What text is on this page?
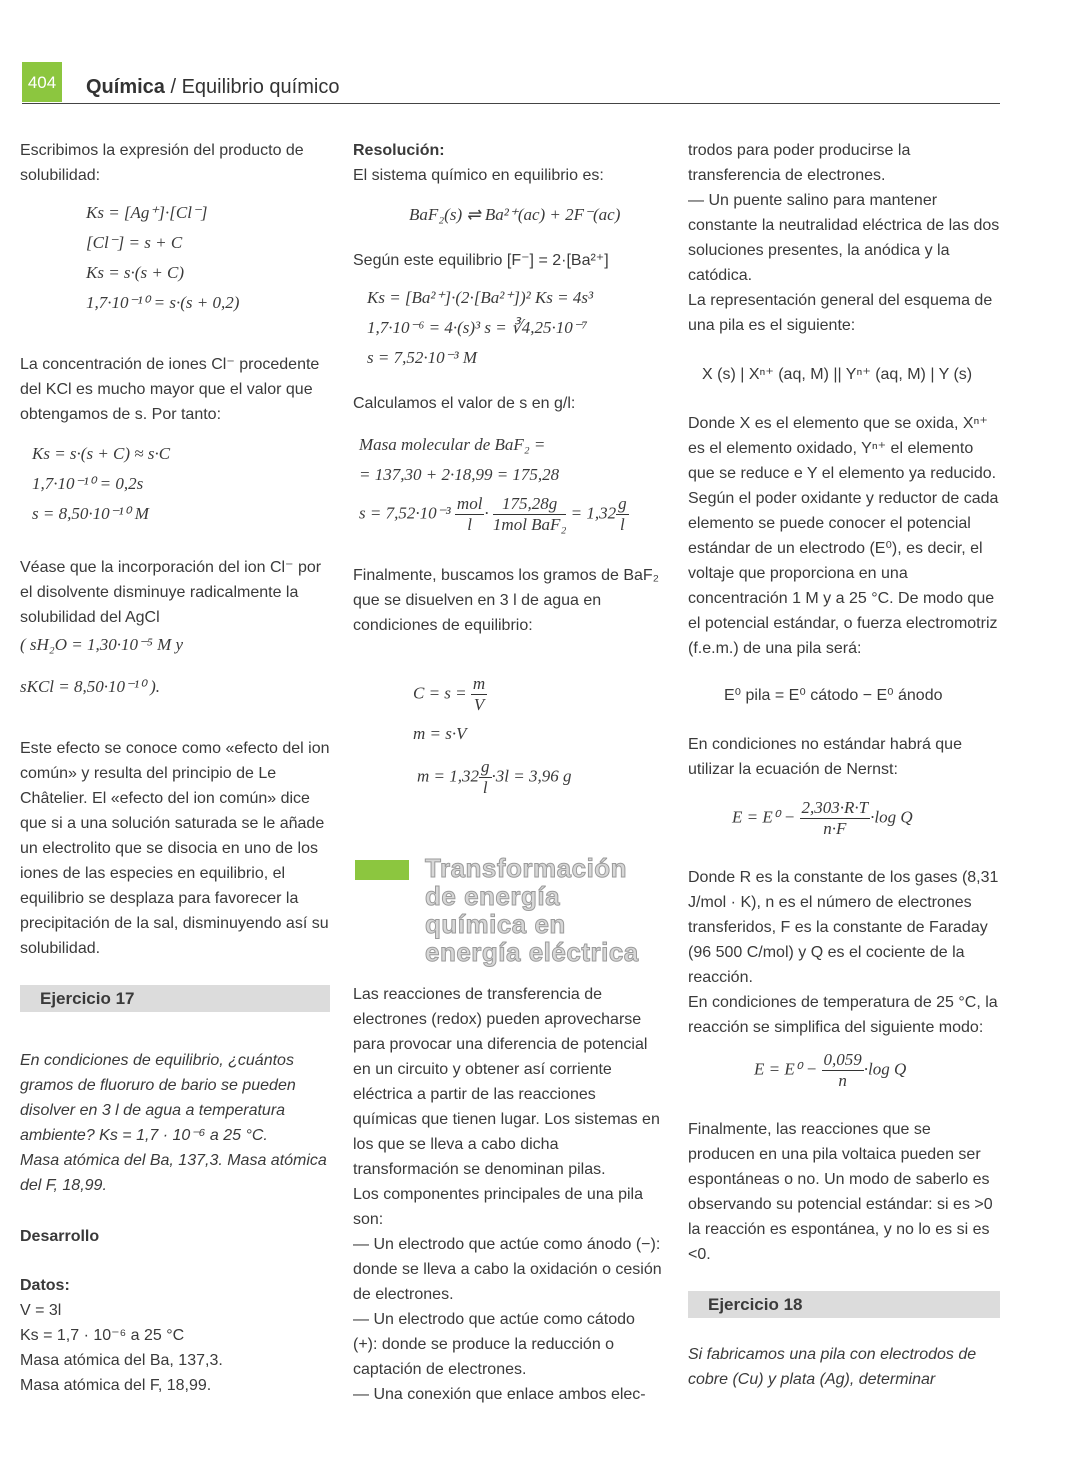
404 Química / Equilibrio químico

Escribimos la expresión del producto de solubilidad:

Ks = [Ag⁺]·[Cl⁻]
[Cl⁻] = s + C
Ks = s·(s + C)
1,7·10⁻¹⁰ = s·(s + 0,2)

La concentración de iones Cl⁻ procedente del KCl es mucho mayor que el valor que obtengamos de s. Por tanto:

Ks = s·(s + C) ≈ s·C
1,7·10⁻¹⁰ = 0,2s
s = 8,50·10⁻¹⁰ M

Véase que la incorporación del ion Cl⁻ por el disolvente disminuye radicalmente la solubilidad del AgCl

( sH₂O = 1,30·10⁻⁵ M y
sKCl = 8,50·10⁻¹⁰ ).

Este efecto se conoce como «efecto del ion común» y resulta del principio de Le Châtelier. El «efecto del ion común» dice que si a una solución saturada se le añade un electrolito que se disocia en uno de los iones de las especies en equilibrio, el equilibrio se desplaza para favorecer la precipitación de la sal, disminuyendo así su solubilidad.

Ejercicio 17

En condiciones de equilibrio, ¿cuántos gramos de fluoruro de bario se pueden disolver en 3 l de agua a temperatura ambiente? Ks = 1,7 · 10⁻⁶ a 25 °C.

Masa atómica del Ba, 137,3. Masa atómica del F, 18,99.

Desarrollo

Datos:

V = 3l

Ks = 1,7 · 10⁻⁶ a 25 °C

Masa atómica del Ba, 137,3.

Masa atómica del F, 18,99.

Resolución:

El sistema químico en equilibrio es:

BaF₂(s) ⇌ Ba²⁺(ac) + 2F⁻(ac)

Según este equilibrio [F⁻] = 2·[Ba²⁺]

Ks = [Ba²⁺]·(2·[Ba²⁺])² Ks = 4s³
1,7·10⁻⁶ = 4·(s)³ s = ∛4,25·10⁻⁷
s = 7,52·10⁻³ M

Calculamos el valor de s en g/l:

Masa molecular de BaF₂ =
= 137,30 + 2·18,99 = 175,28
$s = 7,52\cdot 10^{-3} \frac{\text{mol}}{l} \cdot \frac{175,28g}{\text{1mol BaF₂}} = 1,32 \frac{g}{l}$

Finalmente, buscamos los gramos de BaF₂ que se disuelven en 3 l de agua en condiciones de equilibrio:

$C = s = \frac{m}{V}$
m = s·V
$m = 1,32 \frac{g}{l} \cdot 3l = 3,96$ g
Transformación de energía química en energía eléctrica

Las reacciones de transferencia de electrones (redox) pueden aprovecharse para provocar una diferencia de potencial en un circuito y obtener así corriente eléctrica a partir de las reacciones químicas que tienen lugar. Los sistemas en los que se lleva a cabo dicha transformación se denominan pilas.

Los componentes principales de una pila son:

— Un electrodo que actúe como ánodo (−): donde se lleva a cabo la oxidación o cesión de electrones.

— Un electrodo que actúe como cátodo (+): donde se produce la reducción o captación de electrones.

— Una conexión que enlace ambos elec-

trodos para poder producirse la transferencia de electrones.

— Un puente salino para mantener constante la neutralidad eléctrica de las dos soluciones presentes, la anódica y la catódica.

La representación general del esquema de una pila es el siguiente:

X (s) | Xⁿ⁺ (aq, M) || Yⁿ⁺ (aq, M) | Y (s)

Donde X es el elemento que se oxida, Xⁿ⁺ es el elemento oxidado, Yⁿ⁺ el elemento que se reduce e Y el elemento ya reducido. Según el poder oxidante y reductor de cada elemento se puede conocer el potencial estándar de un electrodo (E⁰), es decir, el voltaje que proporciona en una concentración 1 M y a 25 °C. De modo que el potencial estándar, o fuerza electromotriz (f.e.m.) de una pila será:

E⁰ pila = E⁰ cátodo − E⁰ ánodo

En condiciones no estándar habrá que utilizar la ecuación de Nernst:

$E = E^0 - \frac{2,303\cdot R\cdot T}{n\cdot F} \cdot\log$ Q

Donde R es la constante de los gases (8,31 J/mol · K), n es el número de electrones transferidos, F es la constante de Faraday (96 500 C/mol) y Q es el cociente de la reacción.

En condiciones de temperatura de 25 °C, la reacción se simplifica del siguiente modo:

$E = E^0 - \frac{0,059}{n} \cdot\log$ Q

Finalmente, las reacciones que se producen en una pila voltaica pueden ser espontáneas o no. Un modo de saberlo es observando su potencial estándar: si es >0 la reacción es espontánea, y no lo es si es <0.

Ejercicio 18

Si fabricamos una pila con electrodos de cobre (Cu) y plata (Ag), determinar
